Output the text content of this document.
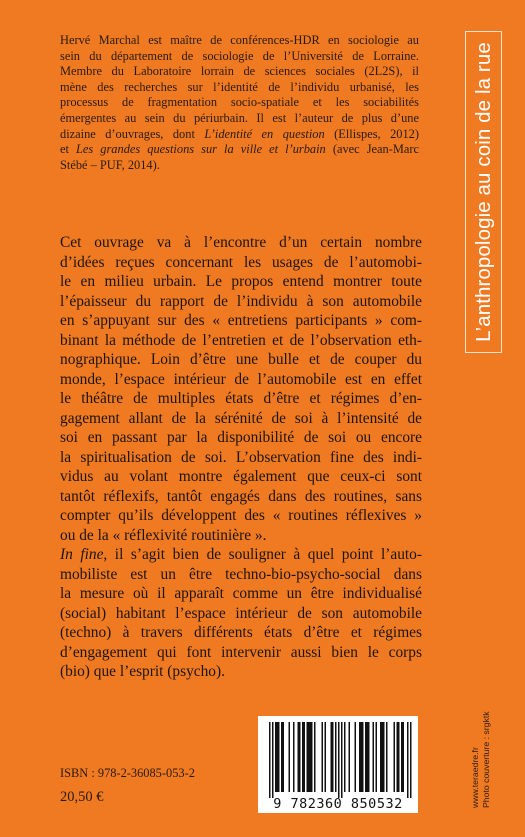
Hervé Marchal est maître de conférences-HDR en sociologie au
sein du département de sociologie de l’Université de Lorraine.
Membre du Laboratoire lorrain de sciences sociales (2L2S), il
mène des recherches sur l’identité de l’individu urbanisé, les
processus de fragmentation socio-spatiale et les sociabilités
émergentes au sein du périurbain. Il est l’auteur de plus d’une
dizaine d’ouvrages, dont L’identité en question (Ellispes, 2012)
et Les grandes questions sur la ville et l’urbain (avec Jean-Marc
Stébé – PUF, 2014).
Cet ouvrage va à l’encontre d’un certain nombre
d’idées reçues concernant les usages de l’automobi-
le en milieu urbain. Le propos entend montrer toute
l’épaisseur du rapport de l’individu à son automobile
en s’appuyant sur des « entretiens participants » com-
binant la méthode de l’entretien et de l’observation eth-
nographique. Loin d’être une bulle et de couper du
monde, l’espace intérieur de l’automobile est en effet
le théâtre de multiples états d’être et régimes d’en-
gagement allant de la sérénité de soi à l’intensité de
soi en passant par la disponibilité de soi ou encore
la spiritualisation de soi. L’observation fine des indi-
vidus au volant montre également que ceux-ci sont
tantôt réflexifs, tantôt engagés dans des routines, sans
compter qu’ils développent des « routines réflexives »
ou de la « réflexivité routinière ».
In fine, il s’agit bien de souligner à quel point l’auto-
mobiliste est un être techno-bio-psycho-social dans
la mesure où il apparaît comme un être individualisé
(social) habitant l’espace intérieur de son automobile
(techno) à travers différents états d’être et régimes
d’engagement qui font intervenir aussi bien le corps
(bio) que l’esprit (psycho).
L’anthropologie au coin de la rue
9 782360 850532
ISBN : 978-2-36085-053-2
20,50 €	www.teraedre.fr Photo couverture : srgktk
